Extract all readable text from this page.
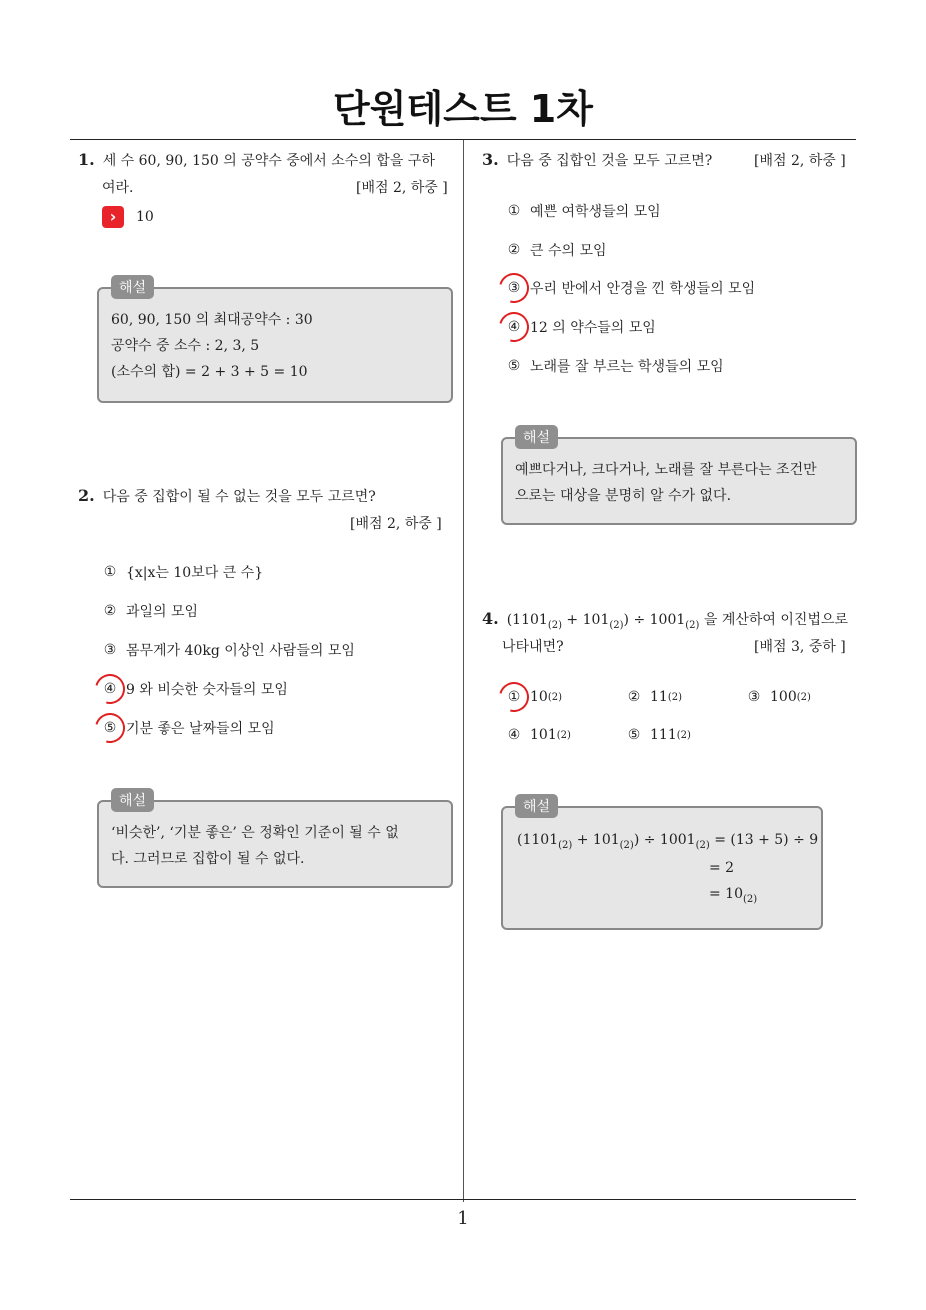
단원테스트 1차
1. 세 수 60, 90, 150 의 공약수 중에서 소수의 합을 구하
여라.	[배점 2, 하중 ]
› 10
해설
60, 90, 150 의 최대공약수 : 30
공약수 중 소수 : 2, 3, 5
(소수의 합) = 2 + 3 + 5 = 10
2. 다음 중 집합이 될 수 없는 것을 모두 고르면?
[배점 2, 하중 ]
① {x|x는 10보다 큰 수}
② 과일의 모임
③ 몸무게가 40kg 이상인 사람들의 모임
④ 9 와 비슷한 숫자들의 모임
⑤ 기분 좋은 날짜들의 모임
해설
‘비슷한’, ‘기분 좋은’ 은 정확인 기준이 될 수 없
다. 그러므로 집합이 될 수 없다.
3. 다음 중 집합인 것을 모두 고르면?	[배점 2, 하중 ]
① 예쁜 여학생들의 모임
② 큰 수의 모임
③ 우리 반에서 안경을 낀 학생들의 모임
④ 12 의 약수들의 모임
⑤ 노래를 잘 부르는 학생들의 모임
해설
예쁘다거나, 크다거나, 노래를 잘 부른다는 조건만
으로는 대상을 분명히 알 수가 없다.
4. $(1101_{(2)} + 101_{(2)}) \div 1001_{(2)}$ 을 계산하여 이진법으로
나타내면?	[배점 3, 중하 ]
① 10 (2)	② 11 (2)	③ 100 (2)
④ 101 (2)	⑤ 111 (2)
해설
$(1101_{(2)} + 101_{(2)}) \div 1001_{(2)} = (13 + 5) \div 9$
= 2
= $10_{(2)}$
1
